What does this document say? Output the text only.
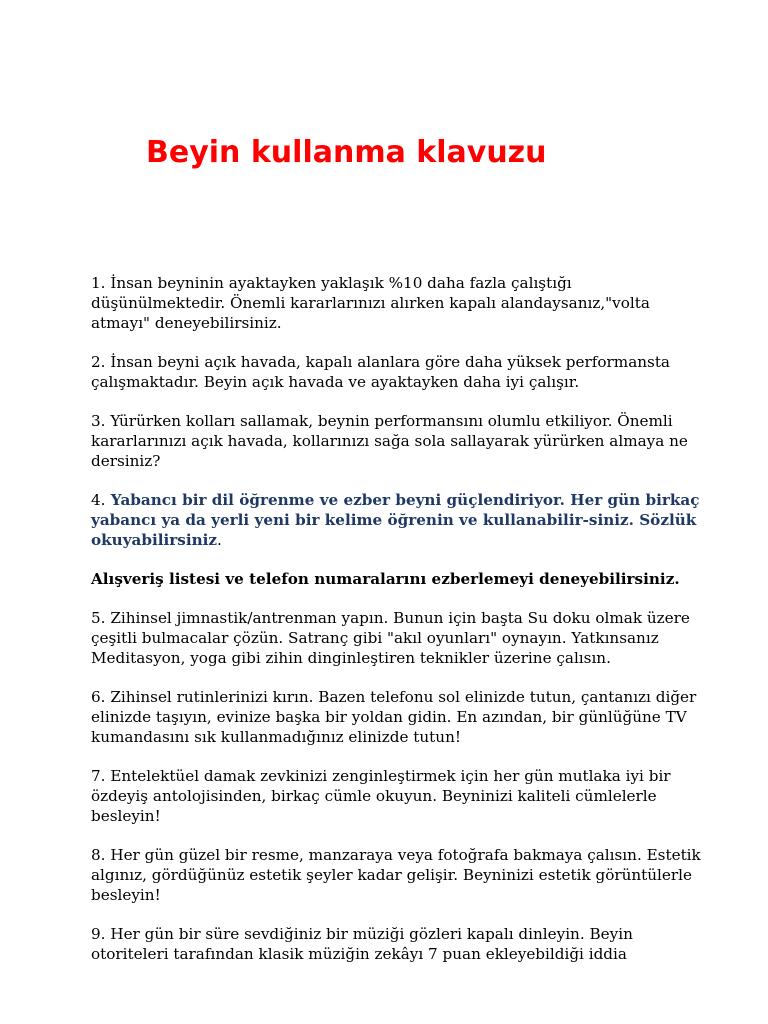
Beyin kullanma klavuzu

1. İnsan beyninin ayaktayken yaklaşık %10 daha fazla çalıştığı düşünülmektedir. Önemli kararlarınızı alırken kapalı alandaysanız,"volta atmayı" deneyebilirsiniz.

2. İnsan beyni açık havada, kapalı alanlara göre daha yüksek performansta çalışmaktadır. Beyin açık havada ve ayaktayken daha iyi çalışır.

3. Yürürken kolları sallamak, beynin performansını olumlu etkiliyor. Önemli kararlarınızı açık havada, kollarınızı sağa sola sallayarak yürürken almaya ne dersiniz?

4. Yabancı bir dil öğrenme ve ezber beyni güçlendiriyor. Her gün birkaç yabancı ya da yerli yeni bir kelime öğrenin ve kullanabilir-siniz. Sözlük okuyabilirsiniz.

Alışveriş listesi ve telefon numaralarını ezberlemeyi deneyebilirsiniz.

5. Zihinsel jimnastik/antrenman yapın. Bunun için başta Su doku olmak üzere çeşitli bulmacalar çözün. Satranç gibi "akıl oyunları" oynayın. Yatkınsanız Meditasyon, yoga gibi zihin dinginleştiren teknikler üzerine çalısın.

6. Zihinsel rutinlerinizi kırın. Bazen telefonu sol elinizde tutun, çantanızı diğer elinizde taşıyın, evinize başka bir yoldan gidin. En azından, bir günlüğüne TV kumandasını sık kullanmadığınız elinizde tutun!

7. Entelektüel damak zevkinizi zenginleştirmek için her gün mutlaka iyi bir özdeyiş antolojisinden, birkaç cümle okuyun. Beyninizi kaliteli cümlelerle besleyin!

8. Her gün güzel bir resme, manzaraya veya fotoğrafa bakmaya çalısın. Estetik algınız, gördüğünüz estetik şeyler kadar gelişir. Beyninizi estetik görüntülerle besleyin!

9. Her gün bir süre sevdiğiniz bir müziği gözleri kapalı dinleyin. Beyin otoriteleri tarafından klasik müziğin zekâyı 7 puan ekleyebildiği iddia
